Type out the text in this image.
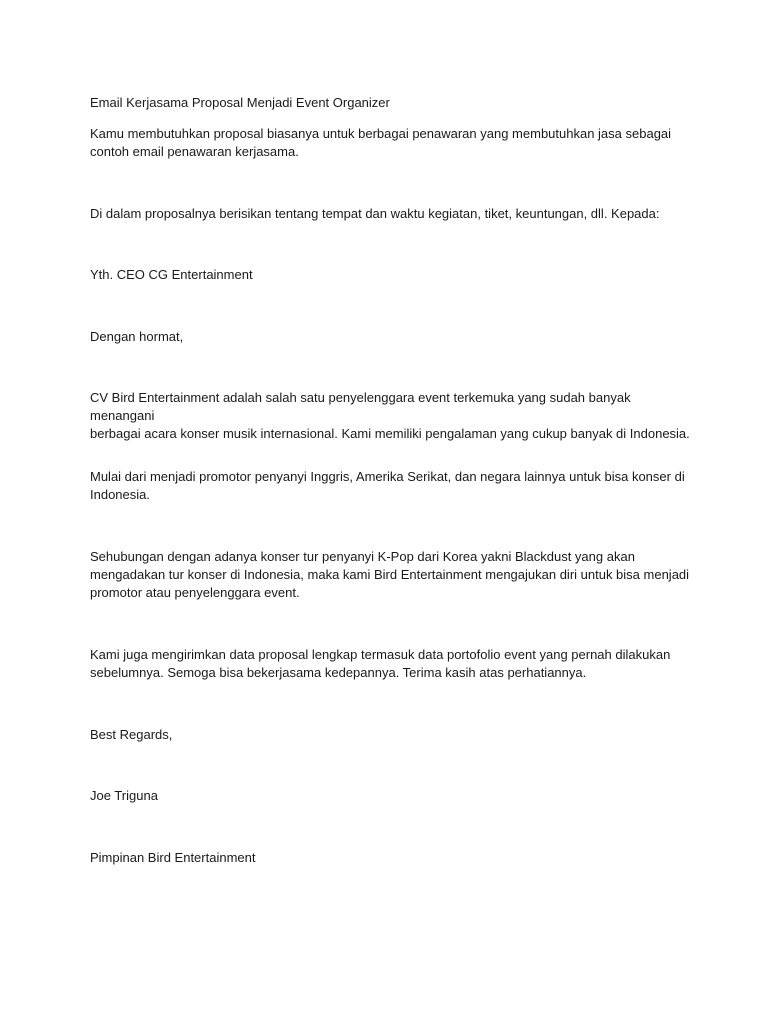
Email Kerjasama Proposal Menjadi Event Organizer
Kamu membutuhkan proposal biasanya untuk berbagai penawaran yang membutuhkan jasa sebagai
contoh email penawaran kerjasama.
Di dalam proposalnya berisikan tentang tempat dan waktu kegiatan, tiket, keuntungan, dll. Kepada:
Yth. CEO CG Entertainment
Dengan hormat,
CV Bird Entertainment adalah salah satu penyelenggara event terkemuka yang sudah banyak menangani
berbagai acara konser musik internasional. Kami memiliki pengalaman yang cukup banyak di Indonesia.
Mulai dari menjadi promotor penyanyi Inggris, Amerika Serikat, dan negara lainnya untuk bisa konser di
Indonesia.
Sehubungan dengan adanya konser tur penyanyi K-Pop dari Korea yakni Blackdust yang akan
mengadakan tur konser di Indonesia, maka kami Bird Entertainment mengajukan diri untuk bisa menjadi
promotor atau penyelenggara event.
Kami juga mengirimkan data proposal lengkap termasuk data portofolio event yang pernah dilakukan
sebelumnya. Semoga bisa bekerjasama kedepannya. Terima kasih atas perhatiannya.
Best Regards,
Joe Triguna
Pimpinan Bird Entertainment
